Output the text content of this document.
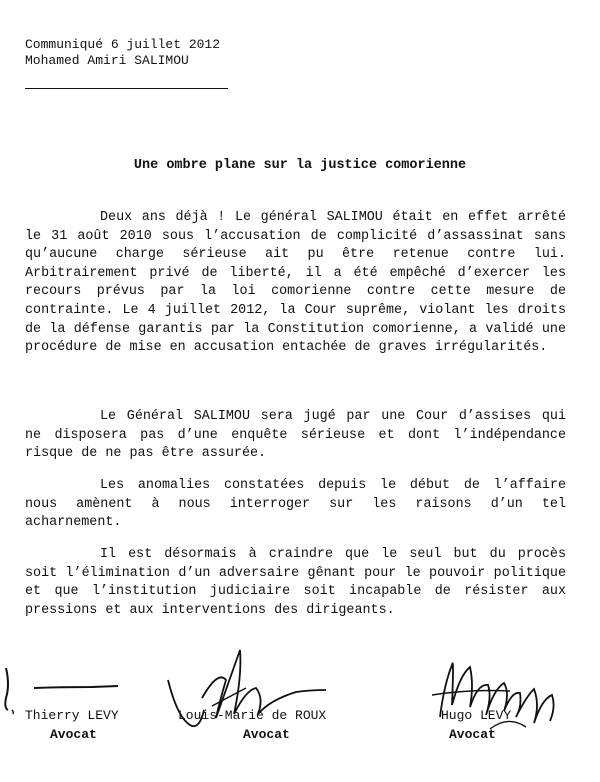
Communiqué 6 juillet 2012
Mohamed Amiri SALIMOU
Une ombre plane sur la justice comorienne

Deux ans déjà ! Le général SALIMOU était en effet arrêté le 31 août 2010 sous l’accusation de complicité d’assassinat sans qu’aucune charge sérieuse ait pu être retenue contre lui. Arbitrairement privé de liberté, il a été empêché d’exercer les recours prévus par la loi comorienne contre cette mesure de contrainte. Le 4 juillet 2012, la Cour suprême, violant les droits de la défense garantis par la Constitution comorienne, a validé une procédure de mise en accusation entachée de graves irrégularités.

Le Général SALIMOU sera jugé par une Cour d’assises qui ne disposera pas d’une enquête sérieuse et dont l’indépendance risque de ne pas être assurée.

Les anomalies constatées depuis le début de l’affaire nous amènent à nous interroger sur les raisons d’un tel acharnement.

Il est désormais à craindre que le seul but du procès soit l’élimination d’un adversaire gênant pour le pouvoir politique et que l’institution judiciaire soit incapable de résister aux pressions et aux interventions des dirigeants.

Thierry LEVY
Avocat
Louis-Marie de ROUX
Avocat
Hugo LEVY
Avocat
